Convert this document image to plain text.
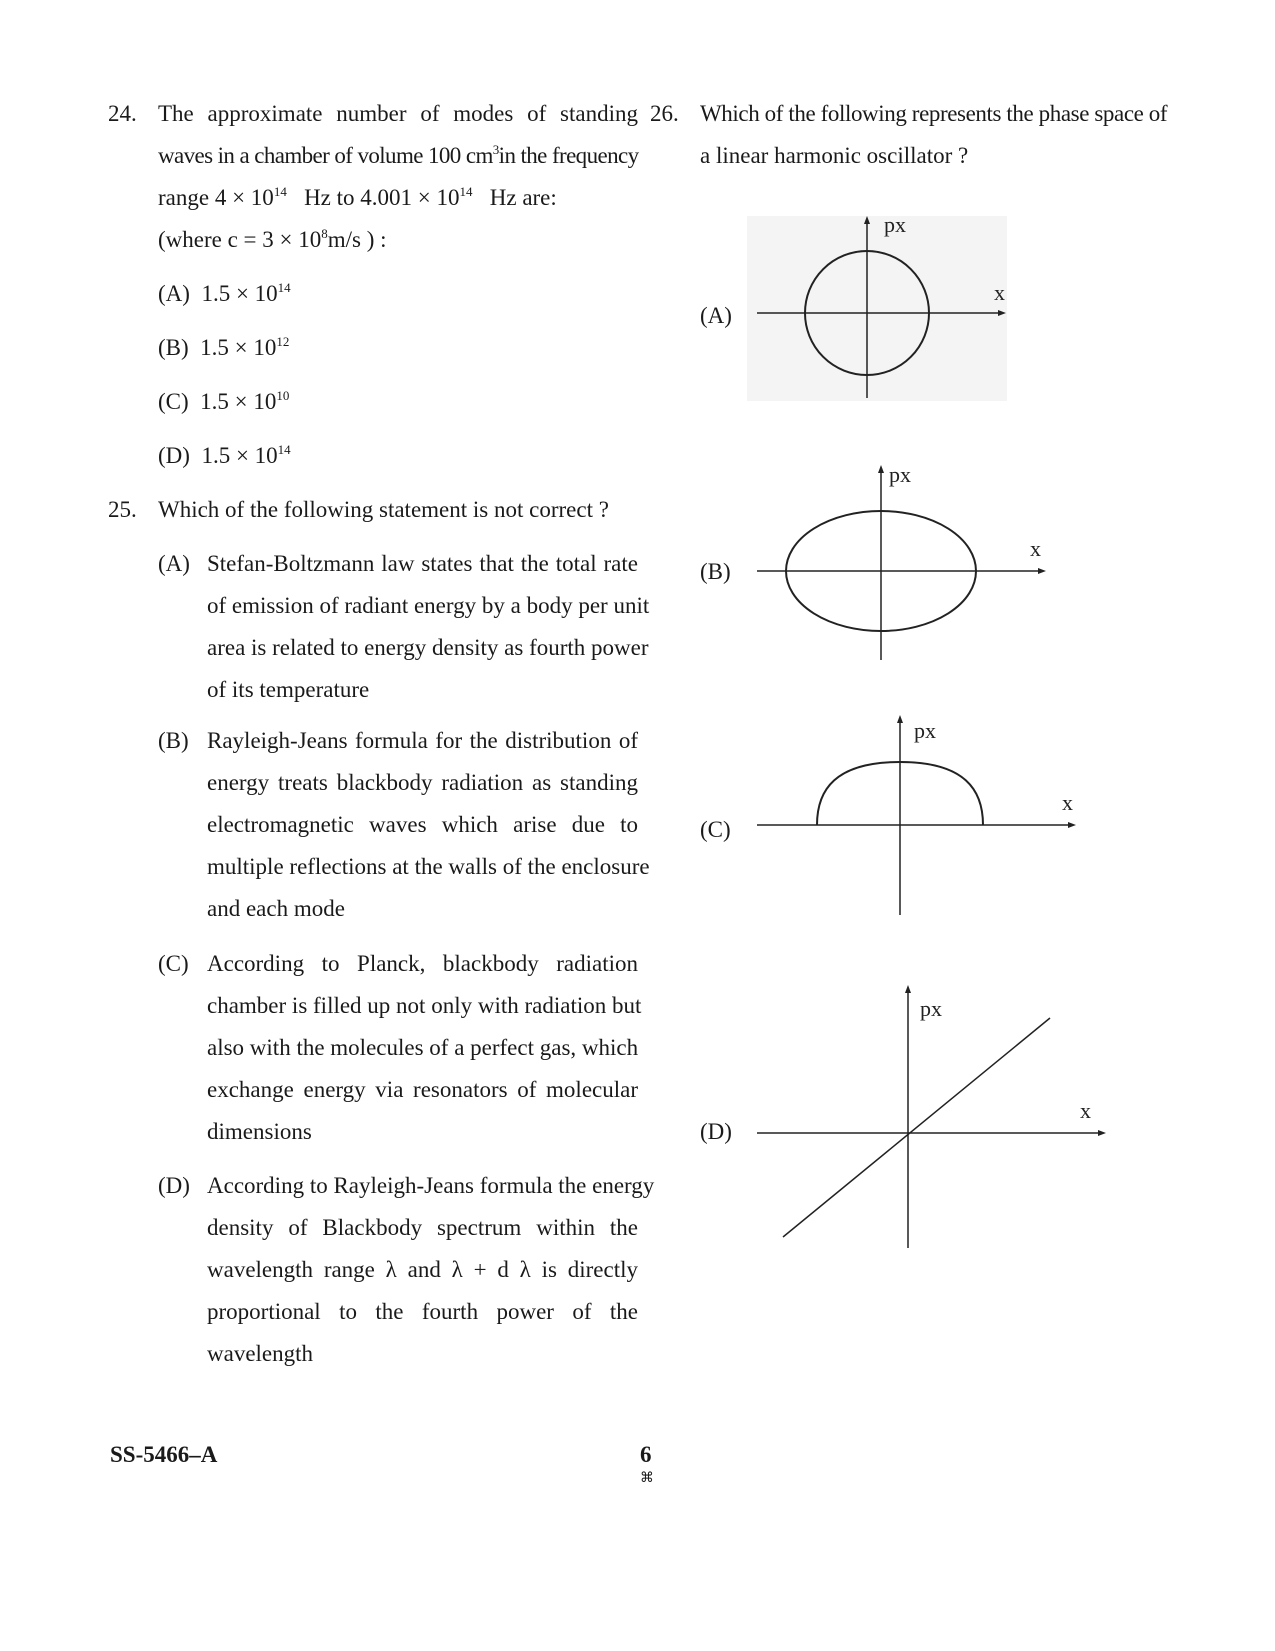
24. The approximate number of modes of standing
waves in a chamber of volume 100 $cm^3in$ the frequency
range $4 \times 10^{14}$ Hz to $4.001 \times 10^{14}$ Hz are:
(where $c = 3 \times 10^8m/s$ ) :
(A) $1.5 \times 10^{14}$
(B) $1.5 \times 10^{12}$
(C) $1.5 \times 10^{10}$
(D) $1.5 \times 10^{14}$
25. Which of the following statement is not correct ?
(A) Stefan-Boltzmann law states that the total rate
of emission of radiant energy by a body per unit
area is related to energy density as fourth power
of its temperature
(B) Rayleigh-Jeans formula for the distribution of
energy treats blackbody radiation as standing
electromagnetic waves which arise due to
multiple reflections at the walls of the enclosure
and each mode
(C) According to Planck, blackbody radiation
chamber is filled up not only with radiation but
also with the molecules of a perfect gas, which
exchange energy via resonators of molecular
dimensions
(D) According to Rayleigh-Jeans formula the energy
density of Blackbody spectrum within the
wavelength range λ and λ + d λ is directly
proportional to the fourth power of the
wavelength
26. Which of the following represents the phase space of
a linear harmonic oscillator ?
(A)
(B)
(C)
(D)
px
x
px
x
px
x
px
x
SS-5466–A	6
⌘
